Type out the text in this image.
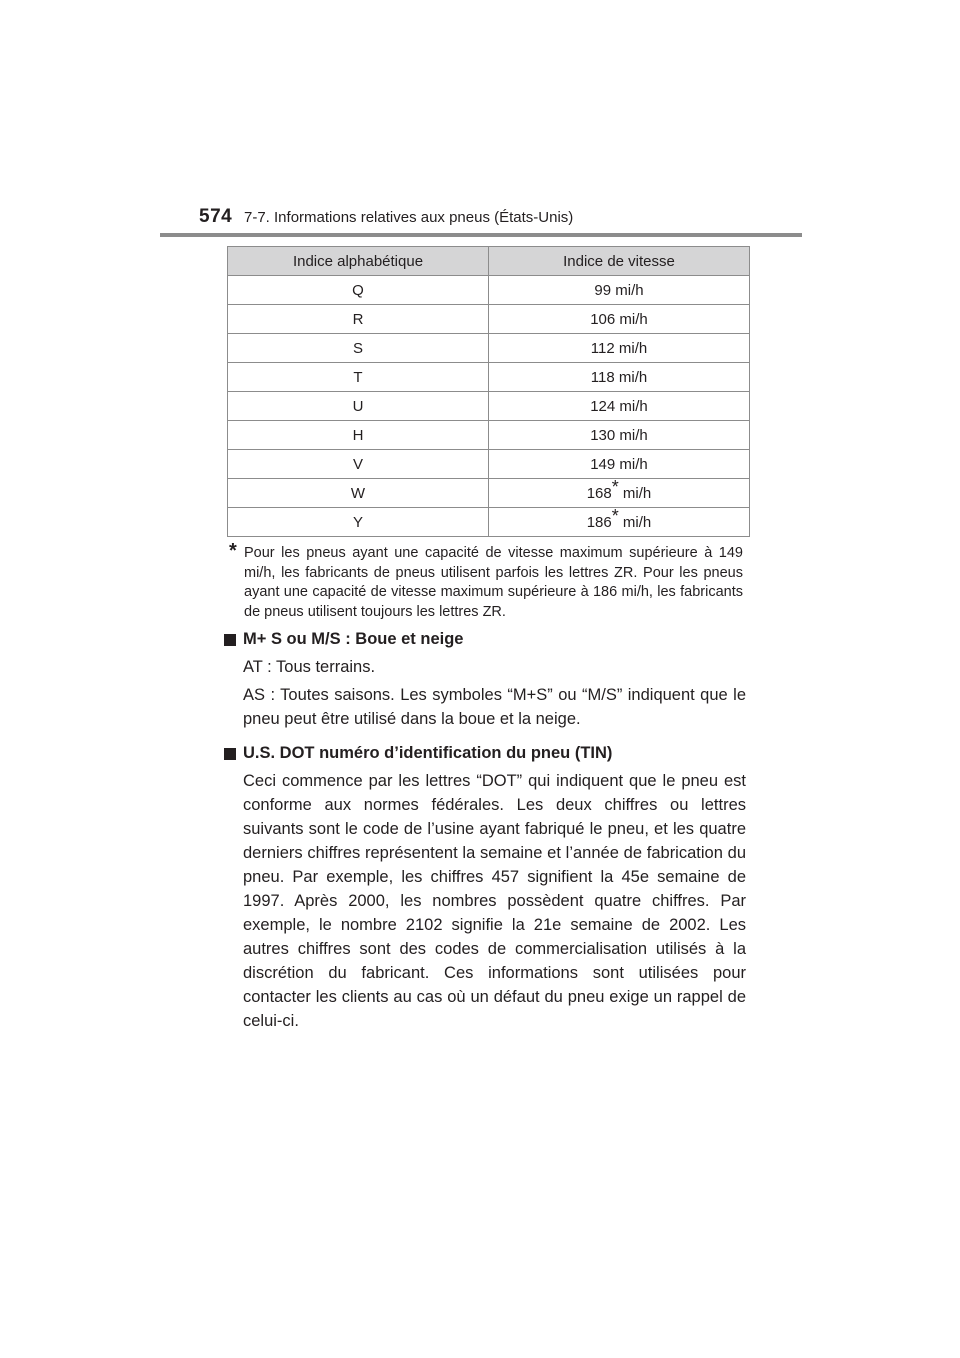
574 7-7. Informations relatives aux pneus (États-Unis)
Indice alphabétique	Indice de vitesse
Q	99 mi/h
R	106 mi/h
S	112 mi/h
T	118 mi/h
U	124 mi/h
H	130 mi/h
V	149 mi/h
W	168* mi/h
Y	186* mi/h
* Pour les pneus ayant une capacité de vitesse maximum supérieure à 149 mi/h, les fabricants de pneus utilisent parfois les lettres ZR. Pour les pneus ayant une capacité de vitesse maximum supérieure à 186 mi/h, les fabricants de pneus utilisent toujours les lettres ZR.
M+ S ou M/S : Boue et neige

AT : Tous terrains.

AS : Toutes saisons. Les symboles “M+S” ou “M/S” indiquent que le pneu peut être utilisé dans la boue et la neige.

U.S. DOT numéro d’identification du pneu (TIN)

Ceci commence par les lettres “DOT” qui indiquent que le pneu est conforme aux normes fédérales. Les deux chiffres ou lettres suivants sont le code de l’usine ayant fabriqué le pneu, et les quatre derniers chiffres représentent la semaine et l’année de fabrication du pneu. Par exemple, les chiffres 457 signifient la 45e semaine de 1997. Après 2000, les nombres possèdent quatre chiffres. Par exemple, le nombre 2102 signifie la 21e semaine de 2002. Les autres chiffres sont des codes de commercialisation utilisés à la discrétion du fabricant. Ces informations sont utilisées pour contacter les clients au cas où un défaut du pneu exige un rappel de celui-ci.
